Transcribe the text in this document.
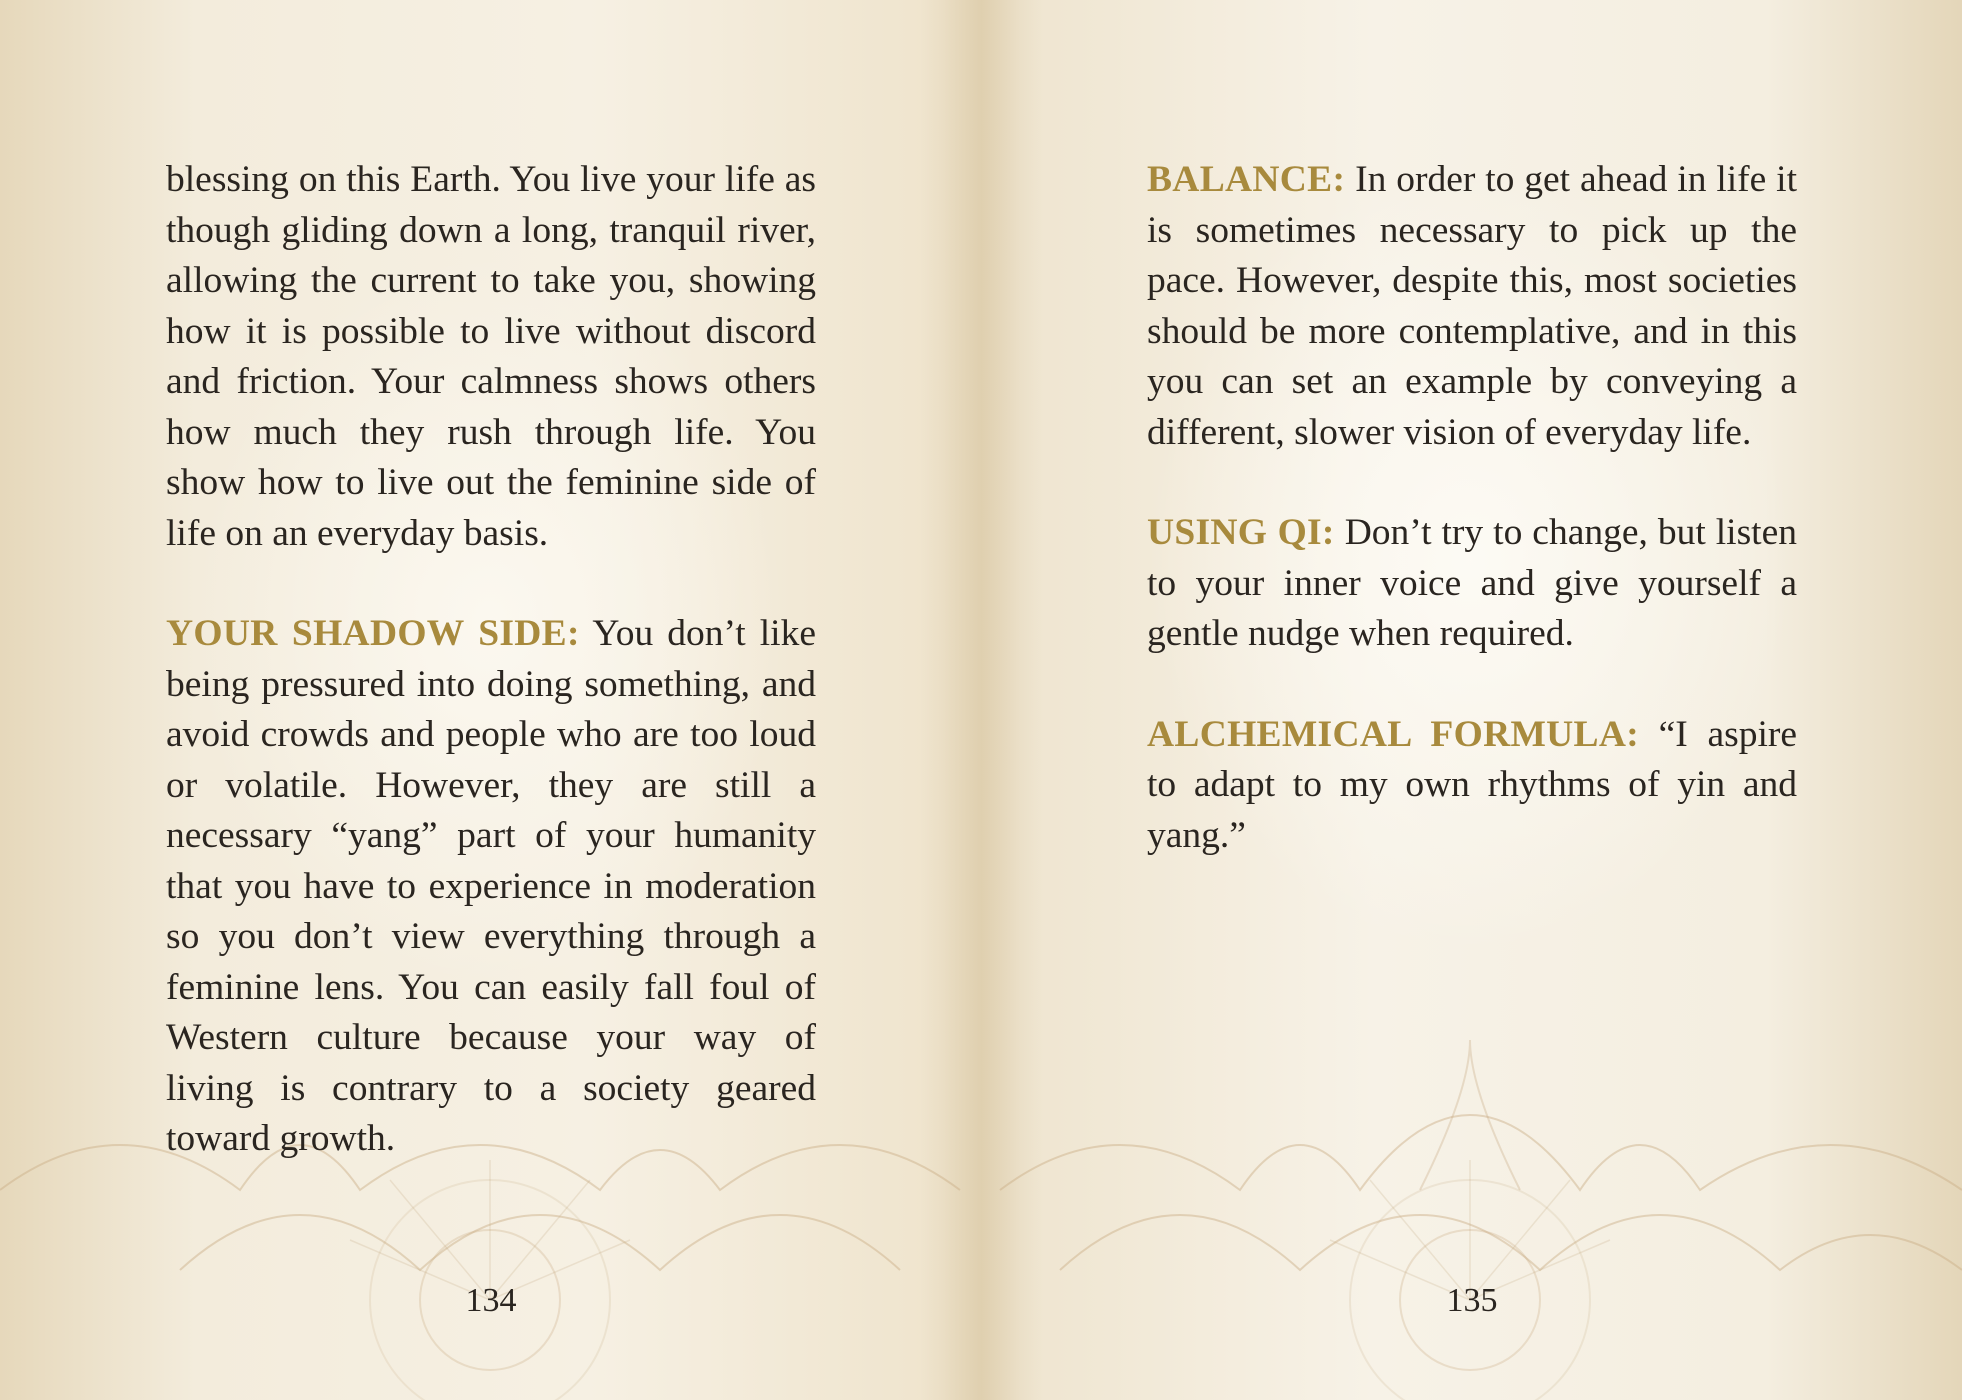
blessing on this Earth. You live your life as though gliding down a long, tranquil river, allowing the current to take you, showing how it is possible to live without discord and friction. Your calmness shows others how much they rush through life. You show how to live out the feminine side of life on an everyday basis.

YOUR SHADOW SIDE: You don’t like being pressured into doing something, and avoid crowds and people who are too loud or volatile. However, they are still a necessary “yang” part of your humanity that you have to experience in moderation so you don’t view everything through a feminine lens. You can easily fall foul of Western culture because your way of living is contrary to a society geared toward growth.

BALANCE: In order to get ahead in life it is sometimes necessary to pick up the pace. However, despite this, most societies should be more contemplative, and in this you can set an example by conveying a different, slower vision of everyday life.

USING QI: Don’t try to change, but listen to your inner voice and give yourself a gentle nudge when required.

ALCHEMICAL FORMULA: “I aspire to adapt to my own rhythms of yin and yang.”

134	135
